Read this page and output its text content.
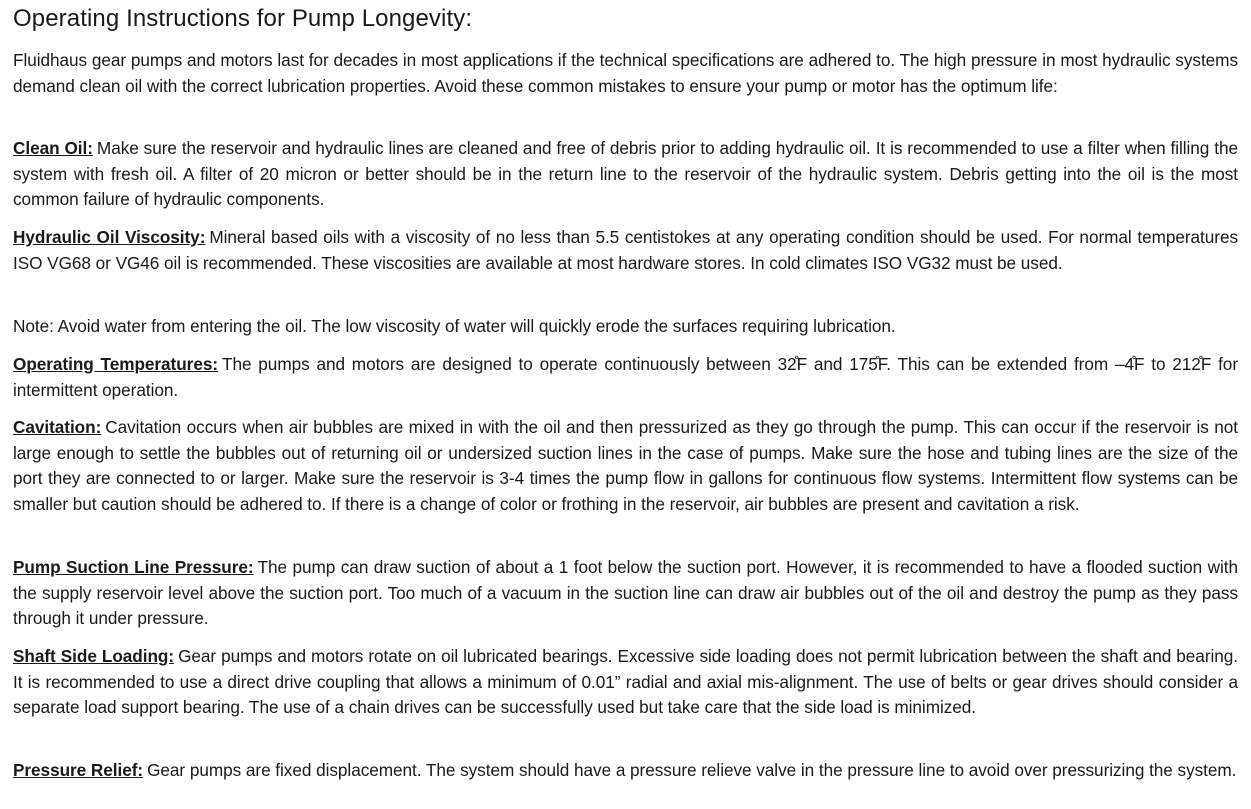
Operating Instructions for Pump Longevity:

Fluidhaus gear pumps and motors last for decades in most applications if the technical specifications are adhered to. The high pressure in most hydraulic systems demand clean oil with the correct lubrication properties. Avoid these common mistakes to ensure your pump or motor has the optimum life:

Clean Oil: Make sure the reservoir and hydraulic lines are cleaned and free of debris prior to adding hydraulic oil. It is recommended to use a filter when filling the system with fresh oil. A filter of 20 micron or better should be in the return line to the reservoir of the hydraulic system. Debris getting into the oil is the most common failure of hydraulic components.

Hydraulic Oil Viscosity: Mineral based oils with a viscosity of no less than 5.5 centistokes at any operating condition should be used. For normal temperatures ISO VG68 or VG46 oil is recommended. These viscosities are available at most hardware stores. In cold climates ISO VG32 must be used.

Note: Avoid water from entering the oil. The low viscosity of water will quickly erode the surfaces requiring lubrication.

Operating Temperatures: The pumps and motors are designed to operate continuously between 32̊F and 175̊F. This can be extended from –4̊F to 212̊F for intermittent operation.

Cavitation: Cavitation occurs when air bubbles are mixed in with the oil and then pressurized as they go through the pump. This can occur if the reservoir is not large enough to settle the bubbles out of returning oil or undersized suction lines in the case of pumps. Make sure the hose and tubing lines are the size of the port they are connected to or larger. Make sure the reservoir is 3-4 times the pump flow in gallons for continuous flow systems. Intermittent flow systems can be smaller but caution should be adhered to. If there is a change of color or frothing in the reservoir, air bubbles are present and cavitation a risk.

Pump Suction Line Pressure: The pump can draw suction of about a 1 foot below the suction port. However, it is recommended to have a flooded suction with the supply reservoir level above the suction port. Too much of a vacuum in the suction line can draw air bubbles out of the oil and destroy the pump as they pass through it under pressure.

Shaft Side Loading: Gear pumps and motors rotate on oil lubricated bearings. Excessive side loading does not permit lubrication between the shaft and bearing. It is recommended to use a direct drive coupling that allows a minimum of 0.01” radial and axial mis-alignment. The use of belts or gear drives should consider a separate load support bearing. The use of a chain drives can be successfully used but take care that the side load is minimized.

Pressure Relief: Gear pumps are fixed displacement. The system should have a pressure relieve valve in the pressure line to avoid over pressurizing the system.
